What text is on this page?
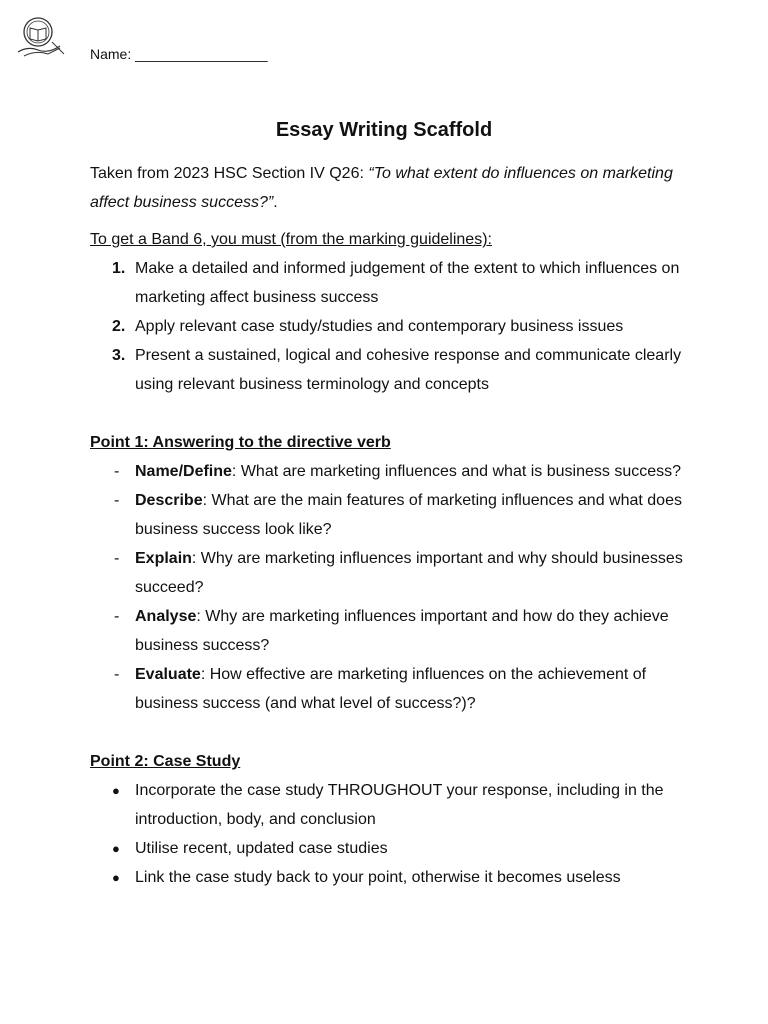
Name: _________________
Essay Writing Scaffold

Taken from 2023 HSC Section IV Q26: “To what extent do influences on marketing affect business success?”.

To get a Band 6, you must (from the marking guidelines):

1. Make a detailed and informed judgement of the extent to which influences on marketing affect business success
2. Apply relevant case study/studies and contemporary business issues
3. Present a sustained, logical and cohesive response and communicate clearly using relevant business terminology and concepts

Point 1: Answering to the directive verb

- Name/Define: What are marketing influences and what is business success?
- Describe: What are the main features of marketing influences and what does business success look like?
- Explain: Why are marketing influences important and why should businesses succeed?
- Analyse: Why are marketing influences important and how do they achieve business success?
- Evaluate: How effective are marketing influences on the achievement of business success (and what level of success?)?

Point 2: Case Study

● Incorporate the case study THROUGHOUT your response, including in the introduction, body, and conclusion
● Utilise recent, updated case studies
● Link the case study back to your point, otherwise it becomes useless
